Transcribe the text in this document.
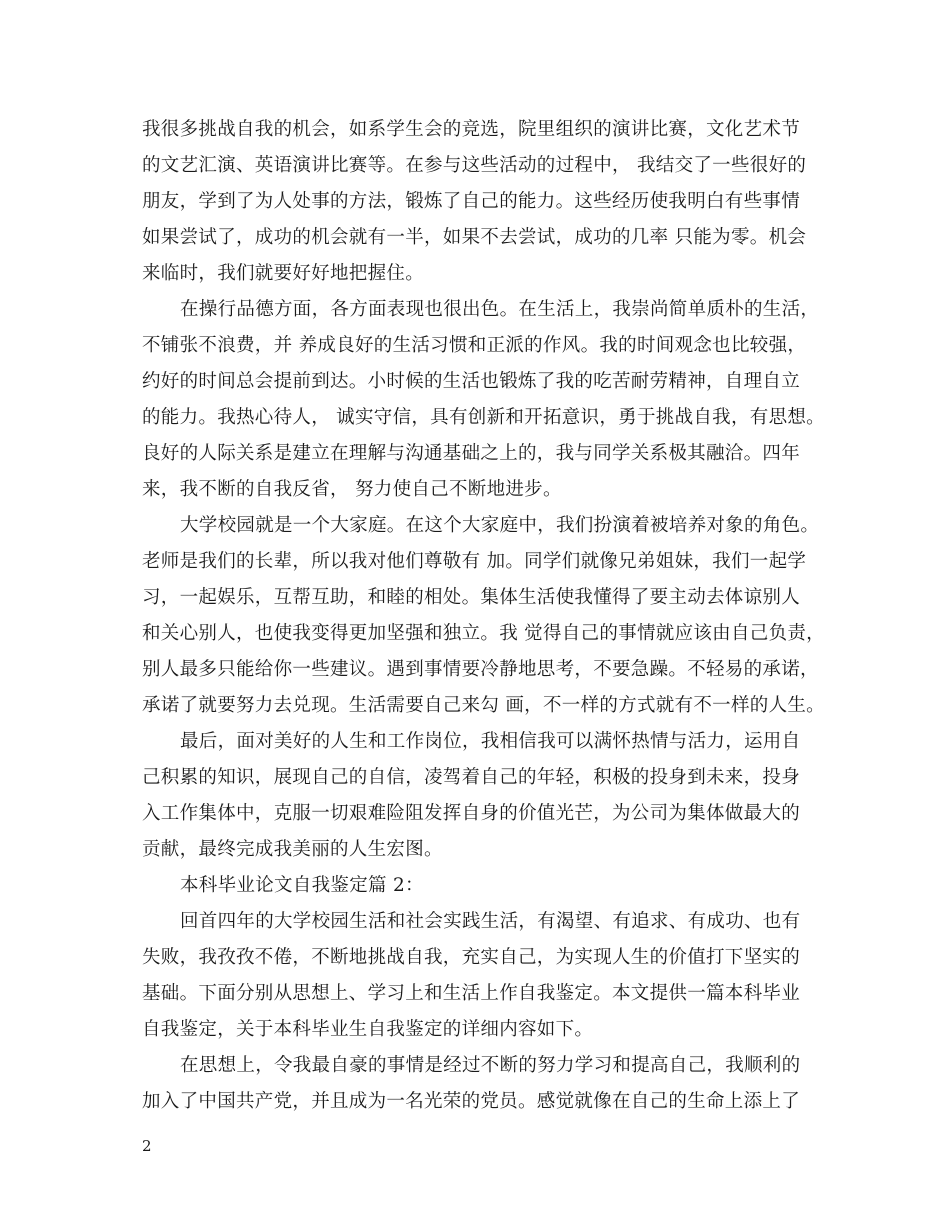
我很多挑战自我的机会，如系学生会的竞选，院里组织的演讲比赛，文化艺术节
的文艺汇演、英语演讲比赛等。在参与这些活动的过程中， 我结交了一些很好的
朋友，学到了为人处事的方法，锻炼了自己的能力。这些经历使我明白有些事情
如果尝试了，成功的机会就有一半，如果不去尝试，成功的几率 只能为零。机会
来临时，我们就要好好地把握住。
在操行品德方面，各方面表现也很出色。在生活上，我崇尚简单质朴的生活，
不铺张不浪费，并 养成良好的生活习惯和正派的作风。我的时间观念也比较强，
约好的时间总会提前到达。小时候的生活也锻炼了我的吃苦耐劳精神，自理自立
的能力。我热心待人， 诚实守信，具有创新和开拓意识，勇于挑战自我，有思想。
良好的人际关系是建立在理解与沟通基础之上的，我与同学关系极其融洽。四年
来，我不断的自我反省， 努力使自己不断地进步。
大学校园就是一个大家庭。在这个大家庭中，我们扮演着被培养对象的角色。
老师是我们的长辈，所以我对他们尊敬有 加。同学们就像兄弟姐妹，我们一起学
习，一起娱乐，互帮互助，和睦的相处。集体生活使我懂得了要主动去体谅别人
和关心别人，也使我变得更加坚强和独立。我 觉得自己的事情就应该由自己负责，
别人最多只能给你一些建议。遇到事情要冷静地思考，不要急躁。不轻易的承诺，
承诺了就要努力去兑现。生活需要自己来勾 画，不一样的方式就有不一样的人生。
最后，面对美好的人生和工作岗位，我相信我可以满怀热情与活力，运用自
己积累的知识，展现自己的自信，凌驾着自己的年轻，积极的投身到未来，投身
入工作集体中，克服一切艰难险阻发挥自身的价值光芒，为公司为集体做最大的
贡献，最终完成我美丽的人生宏图。
本科毕业论文自我鉴定篇 2：
回首四年的大学校园生活和社会实践生活，有渴望、有追求、有成功、也有
失败，我孜孜不倦，不断地挑战自我，充实自己，为实现人生的价值打下坚实的
基础。下面分别从思想上、学习上和生活上作自我鉴定。本文提供一篇本科毕业
自我鉴定，关于本科毕业生自我鉴定的详细内容如下。
在思想上，令我最自豪的事情是经过不断的努力学习和提高自己，我顺利的
加入了中国共产党，并且成为一名光荣的党员。感觉就像在自己的生命上添上了
2
